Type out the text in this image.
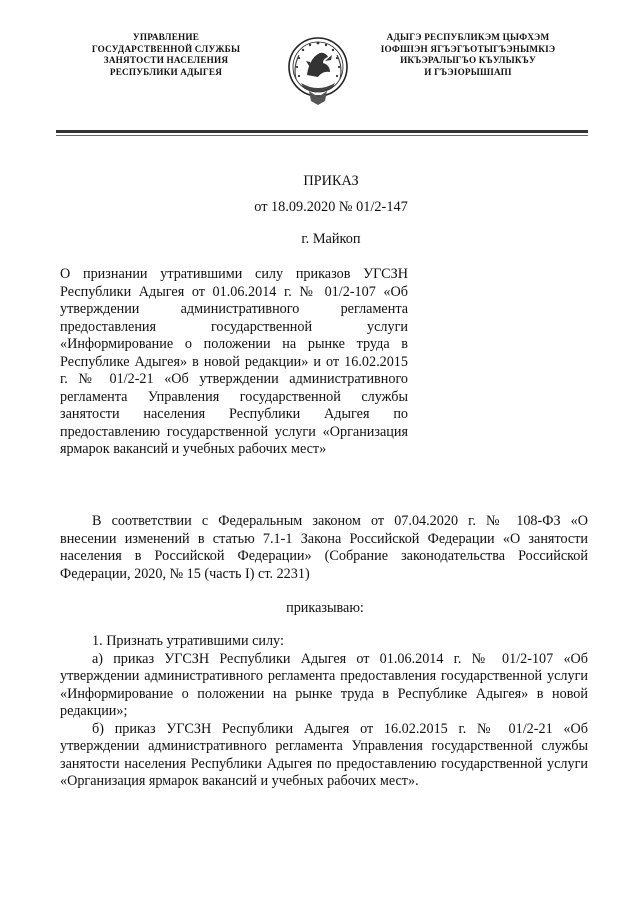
УПРАВЛЕНИЕ
ГОСУДАРСТВЕННОЙ СЛУЖБЫ
ЗАНЯТОСТИ НАСЕЛЕНИЯ
РЕСПУБЛИКИ АДЫГЕЯ
АДЫГЭ РЕСПУБЛИКЭМ ЦЫФХЭМ
IОФШIЭН ЯГЪЭГЪОТЫГЪЭНЫМКIЭ
ИКЪЭРАЛЫГЪО КЪУЛЫКЪУ
И ГЪЭIОРЫШIАПI
ПРИКАЗ
от 18.09.2020 № 01/2-147
г. Майкоп
О признании утратившими силу приказов УГСЗН Республики Адыгея от 01.06.2014 г. № 01/2-107 «Об утверждении административного регламента предоставления государственной услуги «Информирование о положении на рынке труда в Республике Адыгея» в новой редакции» и от 16.02.2015 г. № 01/2-21 «Об утверждении административного регламента Управления государственной службы занятости населения Республики Адыгея по предоставлению государственной услуги «Организация ярмарок вакансий и учебных рабочих мест»
В соответствии с Федеральным законом от 07.04.2020 г. № 108-ФЗ «О
внесении изменений в статью 7.1-1 Закона Российской Федерации «О занятости населения в Российской Федерации» (Собрание законодательства Российской Федерации, 2020, № 15 (часть I) ст. 2231)
приказываю:
1. Признать утратившими силу:
а) приказ УГСЗН Республики Адыгея от 01.06.2014 г. № 01/2-107 «Об
утверждении административного регламента предоставления государственной услуги «Информирование о положении на рынке труда в Республике Адыгея» в новой редакции»;
б) приказ УГСЗН Республики Адыгея от 16.02.2015 г. № 01/2-21 «Об
утверждении административного регламента Управления государственной службы занятости населения Республики Адыгея по предоставлению государственной услуги «Организация ярмарок вакансий и учебных рабочих мест».
